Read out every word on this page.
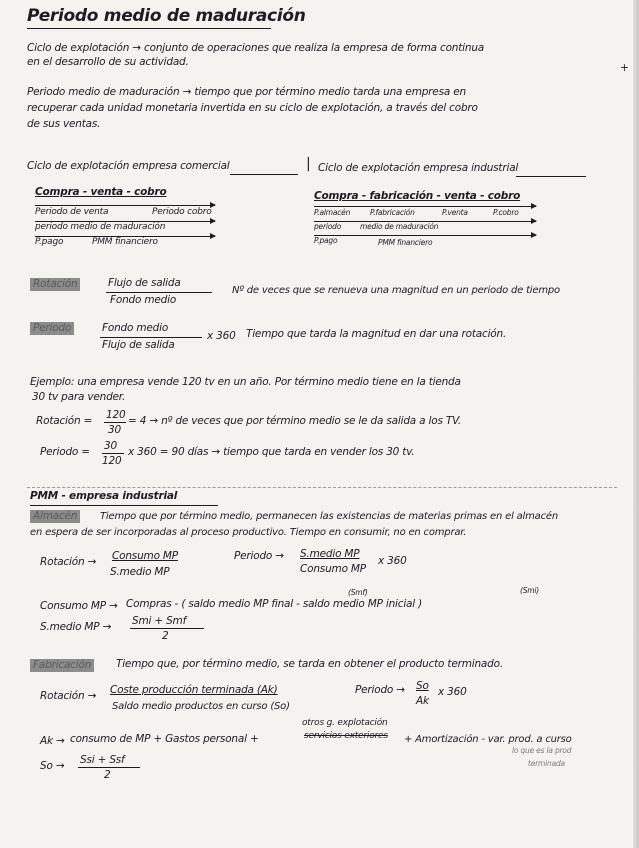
Periodo medio de maduración
Ciclo de explotación → conjunto de operaciones que realiza la empresa de forma continua
en el desarrollo de su actividad.	+
Periodo medio de maduración → tiempo que por término medio tarda una empresa en
recuperar cada unidad monetaria invertida en su ciclo de explotación, a través del cobro
de sus ventas.
Ciclo de explotación empresa comercial	|
Compra - venta - cobro
Periodo de venta	Periodo cobro
periodo medio de maduración
P.pago	PMM financiero
Ciclo de explotación empresa industrial
Compra - fabricación - venta - cobro
P.almacén	P.fabricación	P.venta	P.cobro
periodo	medio de maduración
P.pago	PMM financiero
Rotación	Flujo de salida
Fondo medio
Nº de veces que se renueva una magnitud en un periodo de tiempo
Periodo	Fondo medio
Flujo de salida
x 360 Tiempo que tarda la magnitud en dar una rotación.
Ejemplo: una empresa vende 120 tv en un año. Por término medio tiene en la tienda
30 tv para vender.
Rotación = 120
30
= 4 → nº de veces que por término medio se le da salida a los TV.
Periodo = 30
120
x 360 = 90 días → tiempo que tarda en vender los 30 tv.
PMM - empresa industrial
Almacén	Tiempo que por término medio, permanecen las existencias de materias primas en el almacén
en espera de ser incorporadas al proceso productivo. Tiempo en consumir, no en comprar.
Rotación → Consumo MP
S.medio MP
Periodo → S.medio MP
Consumo MP
x 360
(Smf)	(Smi)
Consumo MP → Compras - ( saldo medio MP final - saldo medio MP inicial )
S.medio MP → Smi + Smf
2
Fabricación Tiempo que, por término medio, se tarda en obtener el producto terminado.
Rotación → Coste producción terminada (Ak)
Saldo medio productos en curso (So)
Periodo → So
Ak
x 360
otros g. explotación
Ak → consumo de MP + Gastos personal +	servicios exteriores + Amortización - var. prod. a curso
lo que es la prod
terminada
So → Ssi + Ssf
2
